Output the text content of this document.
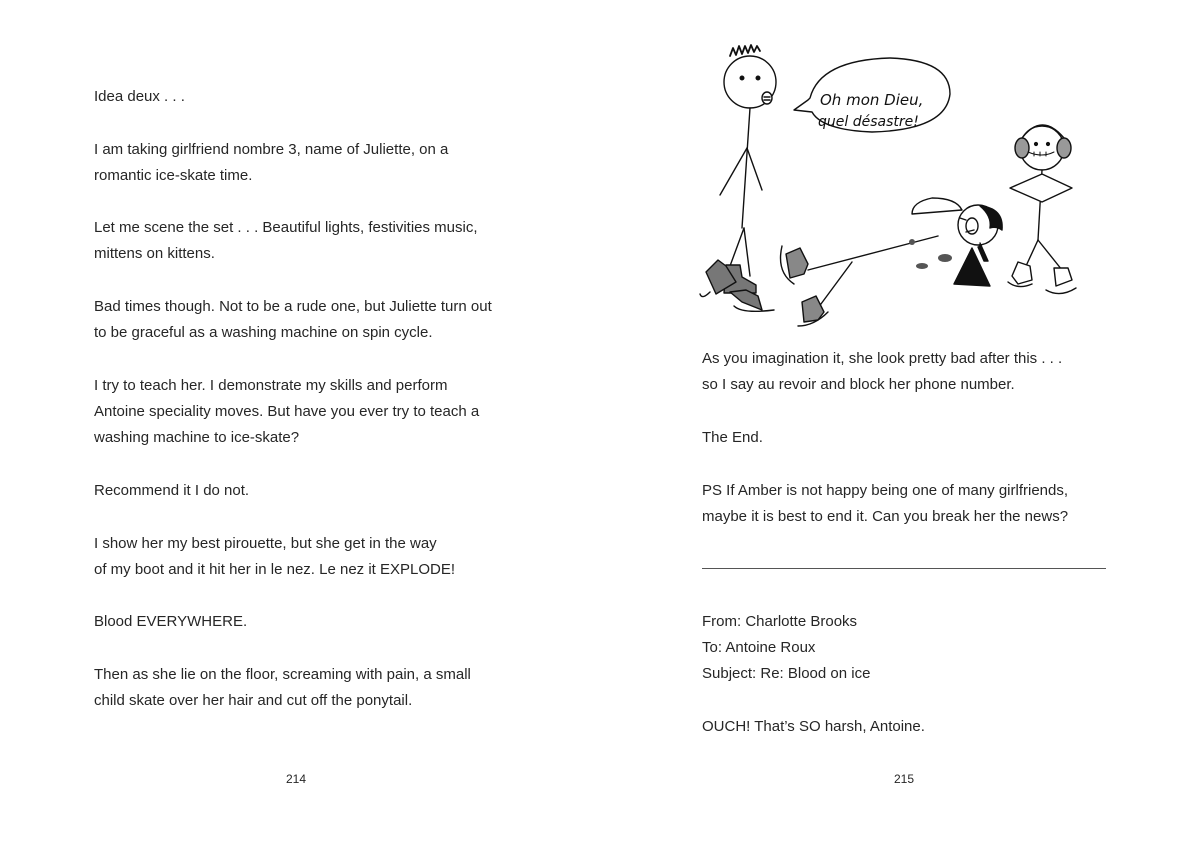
Idea deux . . .

I am taking girlfriend nombre 3, name of Juliette, on a
romantic ice-skate time.

Let me scene the set . . . Beautiful lights, festivities music,
mittens on kittens.

Bad times though. Not to be a rude one, but Juliette turn out
to be graceful as a washing machine on spin cycle.

I try to teach her. I demonstrate my skills and perform
Antoine speciality moves. But have you ever try to teach a
washing machine to ice-skate?

Recommend it I do not.

I show her my best pirouette, but she get in the way
of my boot and it hit her in le nez. Le nez it EXPLODE!

Blood EVERYWHERE.

Then as she lie on the floor, screaming with pain, a small
child skate over her hair and cut off the ponytail.

214
Oh mon Dieu,
quel désastre!

As you imagination it, she look pretty bad after this . . .
so I say au revoir and block her phone number.

The End.

PS If Amber is not happy being one of many girlfriends,
maybe it is best to end it. Can you break her the news?

From: Charlotte Brooks

To: Antoine Roux

Subject: Re: Blood on ice

OUCH! That’s SO harsh, Antoine.

215
